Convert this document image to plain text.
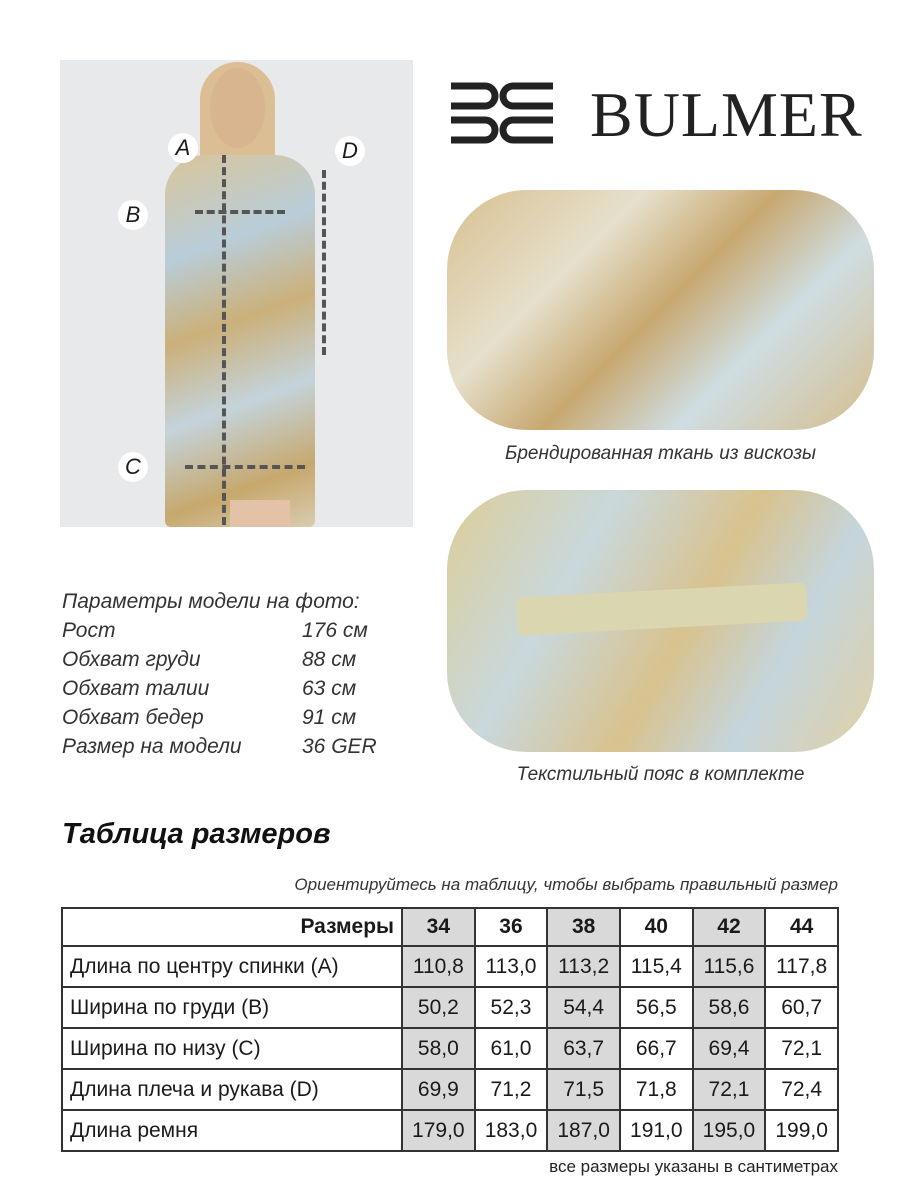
A
B
C
D
BULMER
Брендированная ткань из вискозы
Текстильный пояс в комплекте
Параметры модели на фото:
Рост	176 см
Обхват груди	88 см
Обхват талии	63 см
Обхват бедер	91 см
Размер на модели	36 GER
Таблица размеров
Ориентируйтесь на таблицу, чтобы выбрать правильный размер
Размеры	34	36	38	40	42	44
Длина по центру спинки (A)	110,8	113,0	113,2	115,4	115,6	117,8
Ширина по груди (B)	50,2	52,3	54,4	56,5	58,6	60,7
Ширина по низу (C)	58,0	61,0	63,7	66,7	69,4	72,1
Длина плеча и рукава (D)	69,9	71,2	71,5	71,8	72,1	72,4
Длина ремня	179,0	183,0	187,0	191,0	195,0	199,0
все размеры указаны в сантиметрах
